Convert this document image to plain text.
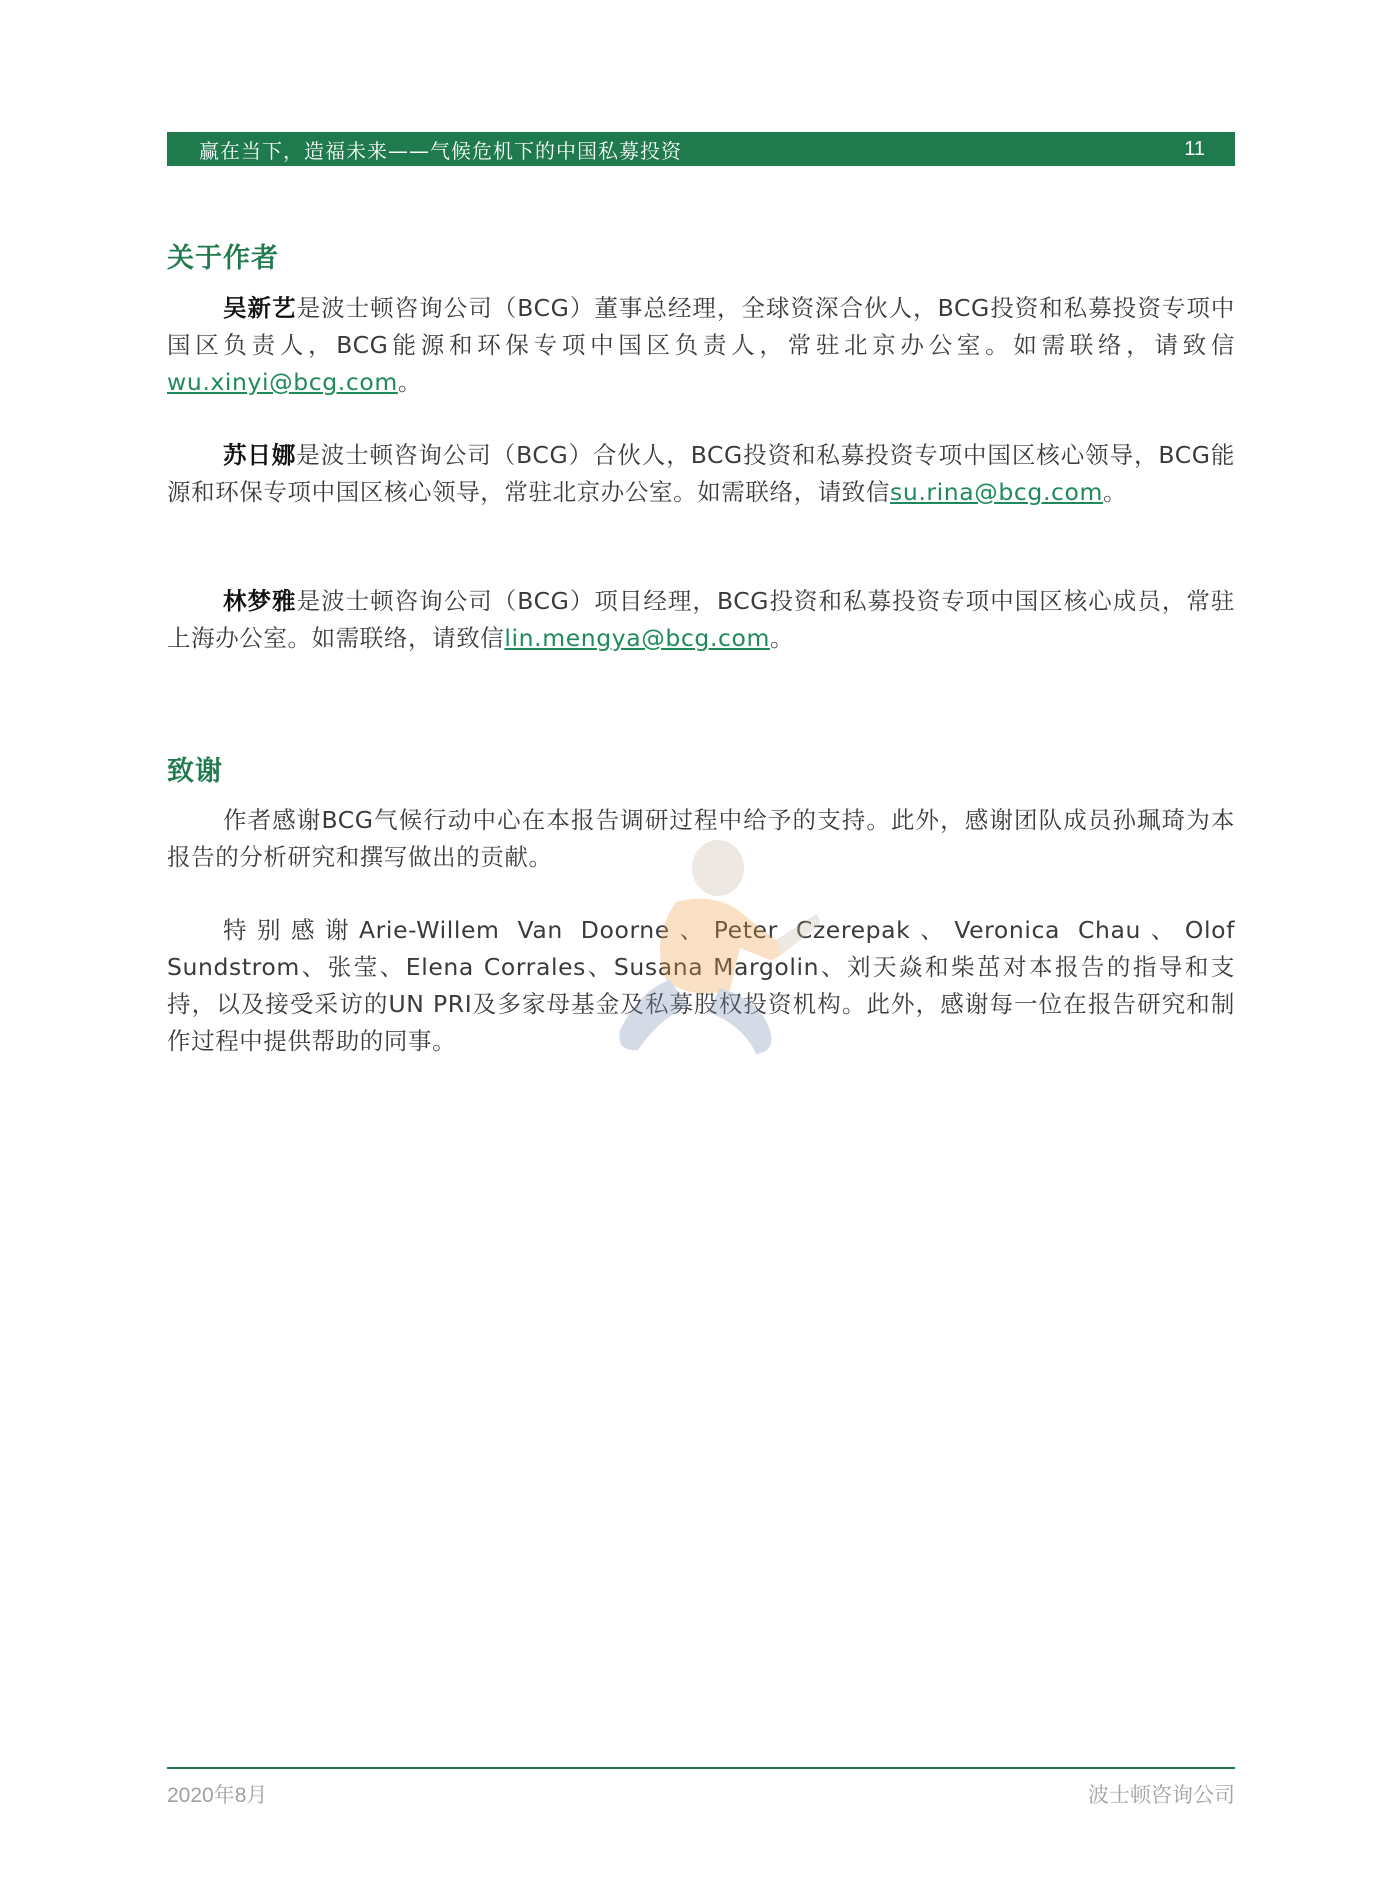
赢在当下，造福未来——气候危机下的中国私募投资	11
关于作者

吴新艺是波士顿咨询公司（BCG）董事总经理，全球资深合伙人，BCG投资和私募投资专项中国区负责人，BCG能源和环保专项中国区负责人，常驻北京办公室。如需联络，请致信wu.xinyi@bcg.com。

苏日娜是波士顿咨询公司（BCG）合伙人，BCG投资和私募投资专项中国区核心领导，BCG能源和环保专项中国区核心领导，常驻北京办公室。如需联络，请致信su.rina@bcg.com。

林梦雅是波士顿咨询公司（BCG）项目经理，BCG投资和私募投资专项中国区核心成员，常驻上海办公室。如需联络，请致信lin.mengya@bcg.com。

致谢

作者感谢BCG气候行动中心在本报告调研过程中给予的支持。此外，感谢团队成员孙珮琦为本报告的分析研究和撰写做出的贡献。

特别感谢Arie-Willem Van Doorne、Peter Czerepak、Veronica Chau、Olof Sundstrom、张莹、Elena Corrales、Susana Margolin、刘天焱和柴茁对本报告的指导和支持，以及接受采访的UN PRI及多家母基金及私募股权投资机构。此外，感谢每一位在报告研究和制作过程中提供帮助的同事。

2020年8月	波士顿咨询公司
